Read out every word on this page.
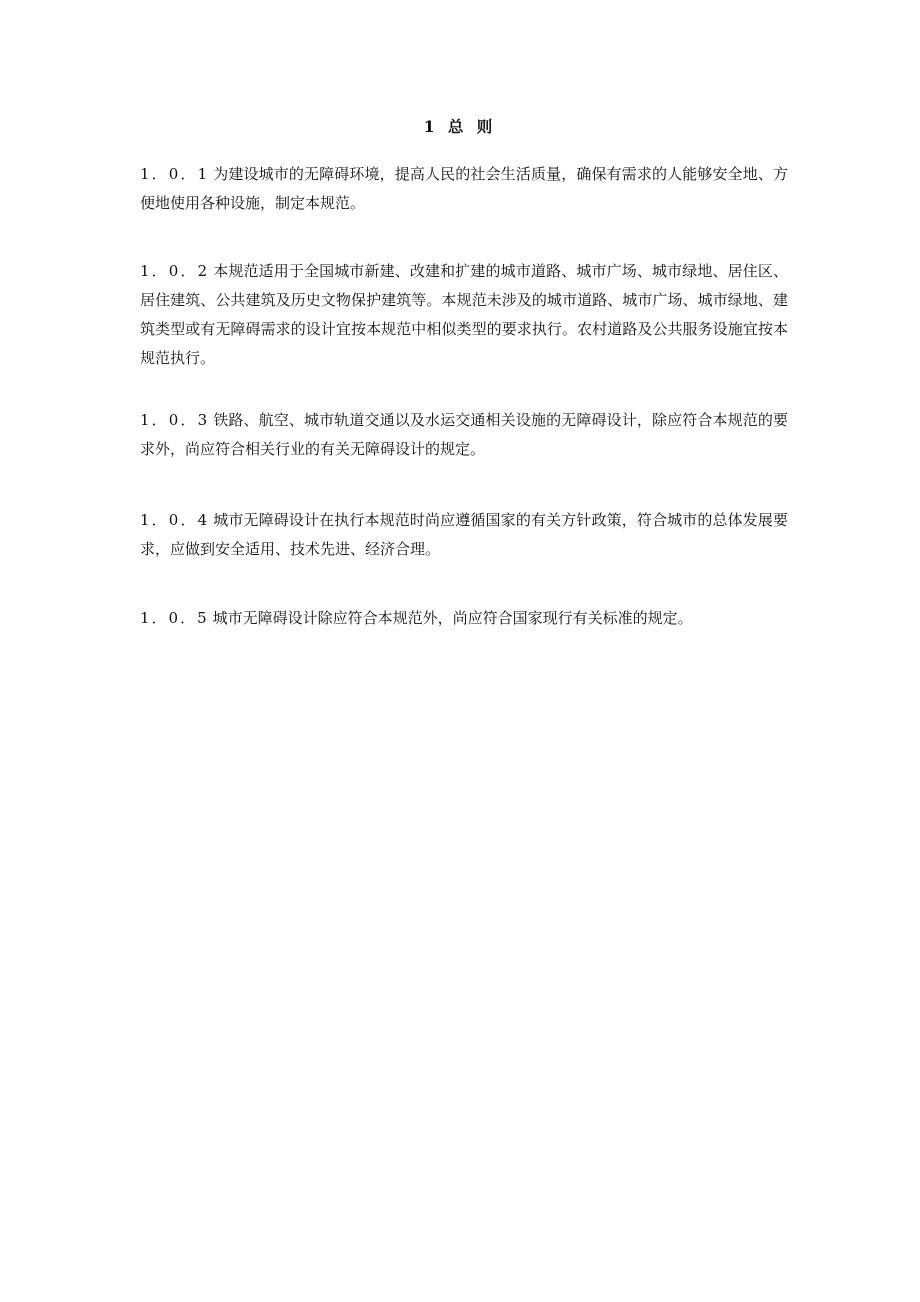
1 总 则

1．0．1 为建设城市的无障碍环境，提高人民的社会生活质量，确保有需求的人能够安全地、方便地使用各种设施，制定本规范。

1．0．2 本规范适用于全国城市新建、改建和扩建的城市道路、城市广场、城市绿地、居住区、居住建筑、公共建筑及历史文物保护建筑等。本规范未涉及的城市道路、城市广场、城市绿地、建筑类型或有无障碍需求的设计宜按本规范中相似类型的要求执行。农村道路及公共服务设施宜按本规范执行。

1．0．3 铁路、航空、城市轨道交通以及水运交通相关设施的无障碍设计，除应符合本规范的要求外，尚应符合相关行业的有关无障碍设计的规定。

1．0．4 城市无障碍设计在执行本规范时尚应遵循国家的有关方针政策，符合城市的总体发展要求，应做到安全适用、技术先进、经济合理。

1．0．5 城市无障碍设计除应符合本规范外，尚应符合国家现行有关标准的规定。
